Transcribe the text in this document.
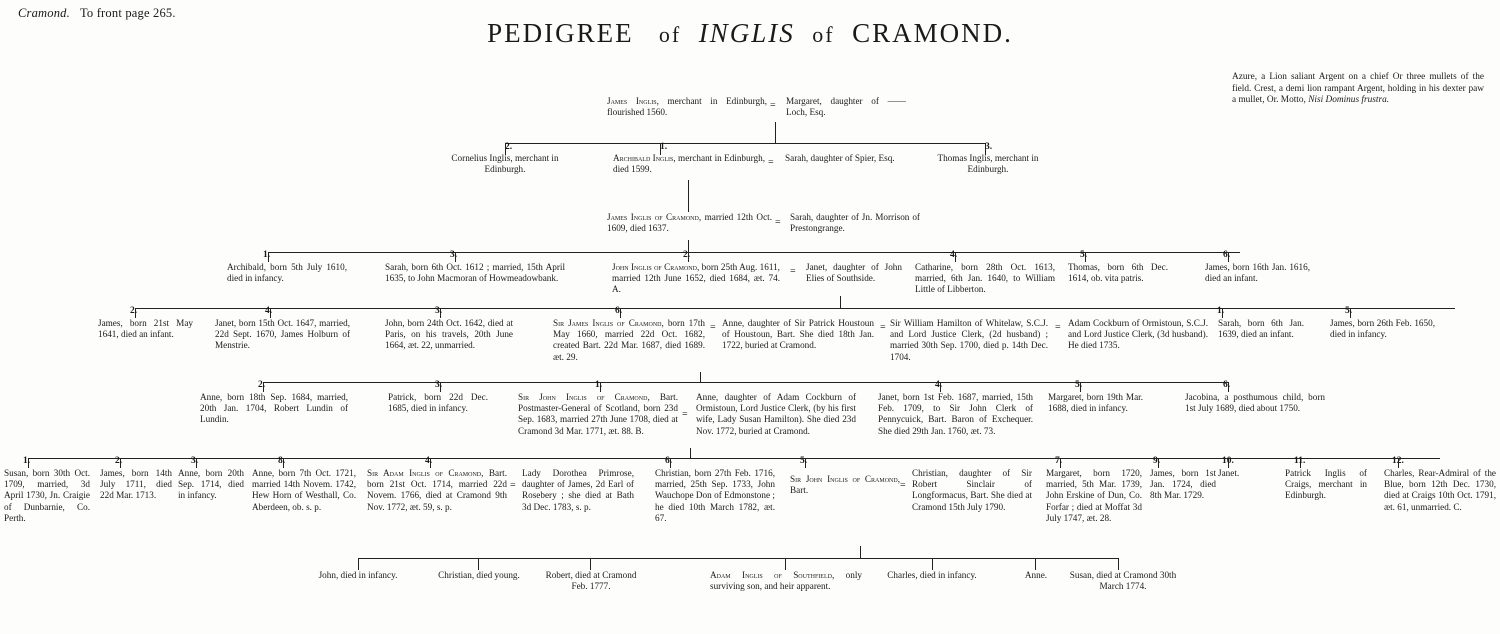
Cramond. To front page 265.
PEDIGREE of INGLIS of CRAMOND.
Azure, a Lion saliant Argent on a chief Or three mullets of the field. Crest, a demi lion rampant Argent, holding in his dexter paw a mullet, Or. Motto, Nisi Dominus frustra.
James Inglis, merchant in Edinburgh, flourished 1560.
= Margaret, daughter of —— Loch, Esq.
2.
Cornelius Inglis, merchant in Edinburgh.
1.
Archibald Inglis, merchant in Edinburgh, died 1599.
= Sarah, daughter of Spier, Esq.
3.
Thomas Inglis, merchant in Edinburgh.
James Inglis of Cramond, married 12th Oct. 1609, died 1637.
= Sarah, daughter of Jn. Morrison of Prestongrange.
1.
Archibald, born 5th July 1610, died in infancy.
3.
Sarah, born 6th Oct. 1612 ; married, 15th April 1635, to John Macmoran of Howmeadowbank.
2.
John Inglis of Cramond, born 25th Aug. 1611, married 12th June 1652, died 1684, æt. 74. A.
= Janet, daughter of John Elies of Southside.
4.
Catharine, born 28th Oct. 1613, married, 6th Jan. 1640, to William Little of Libberton.
5.
Thomas, born 6th Dec. 1614, ob. vita patris.
6.
James, born 16th Jan. 1616, died an infant.
2.
James, born 21st May 1641, died an infant.
4.
Janet, born 15th Oct. 1647, married, 22d Sept. 1670, James Holburn of Menstrie.
3.
John, born 24th Oct. 1642, died at Paris, on his travels, 20th June 1664, æt. 22, unmarried.
6.
Sir James Inglis of Cramond, born 17th May 1660, married 22d Oct. 1682, created Bart. 22d Mar. 1687, died 1689. æt. 29.
= Anne, daughter of Sir Patrick Houstoun of Houstoun, Bart. She died 18th Jan. 1722, buried at Cramond.
= Sir William Hamilton of Whitelaw, S.C.J. and Lord Justice Clerk, (2d husband) ; married 30th Sep. 1700, died p. 14th Dec. 1704.
= Adam Cockburn of Ormistoun, S.C.J. and Lord Justice Clerk, (3d husband). He died 1735.
1.
Sarah, born 6th Jan. 1639, died an infant.
5.
James, born 26th Feb. 1650, died in infancy.
2.
Anne, born 18th Sep. 1684, married, 20th Jan. 1704, Robert Lundin of Lundin.
3.
Patrick, born 22d Dec. 1685, died in infancy.
1.
Sir John Inglis of Cramond, Bart. Postmaster-General of Scotland, born 23d Sep. 1683, married 27th June 1708, died at Cramond 3d Mar. 1771, æt. 88. B.
=
Anne, daughter of Adam Cockburn of Ormistoun, Lord Justice Clerk, (by his first wife, Lady Susan Hamilton). She died 23d Nov. 1772, buried at Cramond.
4.
Janet, born 1st Feb. 1687, married, 15th Feb. 1709, to Sir John Clerk of Pennycuick, Bart. Baron of Exchequer. She died 29th Jan. 1760, æt. 73.
5.
Margaret, born 19th Mar. 1688, died in infancy.
6.
Jacobina, a posthumous child, born 1st July 1689, died about 1750.
1.
Susan, born 30th Oct. 1709, married, 3d April 1730, Jn. Craigie of Dunbarnie, Co. Perth.
2.
James, born 14th July 1711, died 22d Mar. 1713.
3.
Anne, born 20th Sep. 1714, died in infancy.
8.
Anne, born 7th Oct. 1721, married 14th Novem. 1742, Hew Horn of Westhall, Co. Aberdeen, ob. s. p.
4.
Sir Adam Inglis of Cramond, Bart. born 21st Oct. 1714, married 22d Novem. 1766, died at Cramond 9th Nov. 1772, æt. 59, s. p.
=
Lady Dorothea Primrose, daughter of James, 2d Earl of Rosebery ; she died at Bath 3d Dec. 1783, s. p.
6.
Christian, born 27th Feb. 1716, married, 25th Sep. 1733, John Wauchope Don of Edmonstone ; he died 10th March 1782, æt. 67.
5.
Sir John Inglis of Cramond, Bart.	=
Christian, daughter of Sir Robert Sinclair of Longformacus, Bart. She died at Cramond 15th July 1790.
7.
Margaret, born 1720, married, 5th Mar. 1739, John Erskine of Dun, Co. Forfar ; died at Moffat 3d July 1747, æt. 28.
9.
James, born 1st Jan. 1724, died 8th Mar. 1729.
10.
Janet.
11.
Patrick Inglis of Craigs, merchant in Edinburgh.
12.
Charles, Rear-Admiral of the Blue, born 12th Dec. 1730, died at Craigs 10th Oct. 1791, æt. 61, unmarried. C.
John, died in infancy.	Christian, died young.	Robert, died at Cramond Feb. 1777.
Adam Inglis of Southfield, only surviving son, and heir apparent.
Charles, died in infancy.	Anne.	Susan, died at Cramond 30th March 1774.
